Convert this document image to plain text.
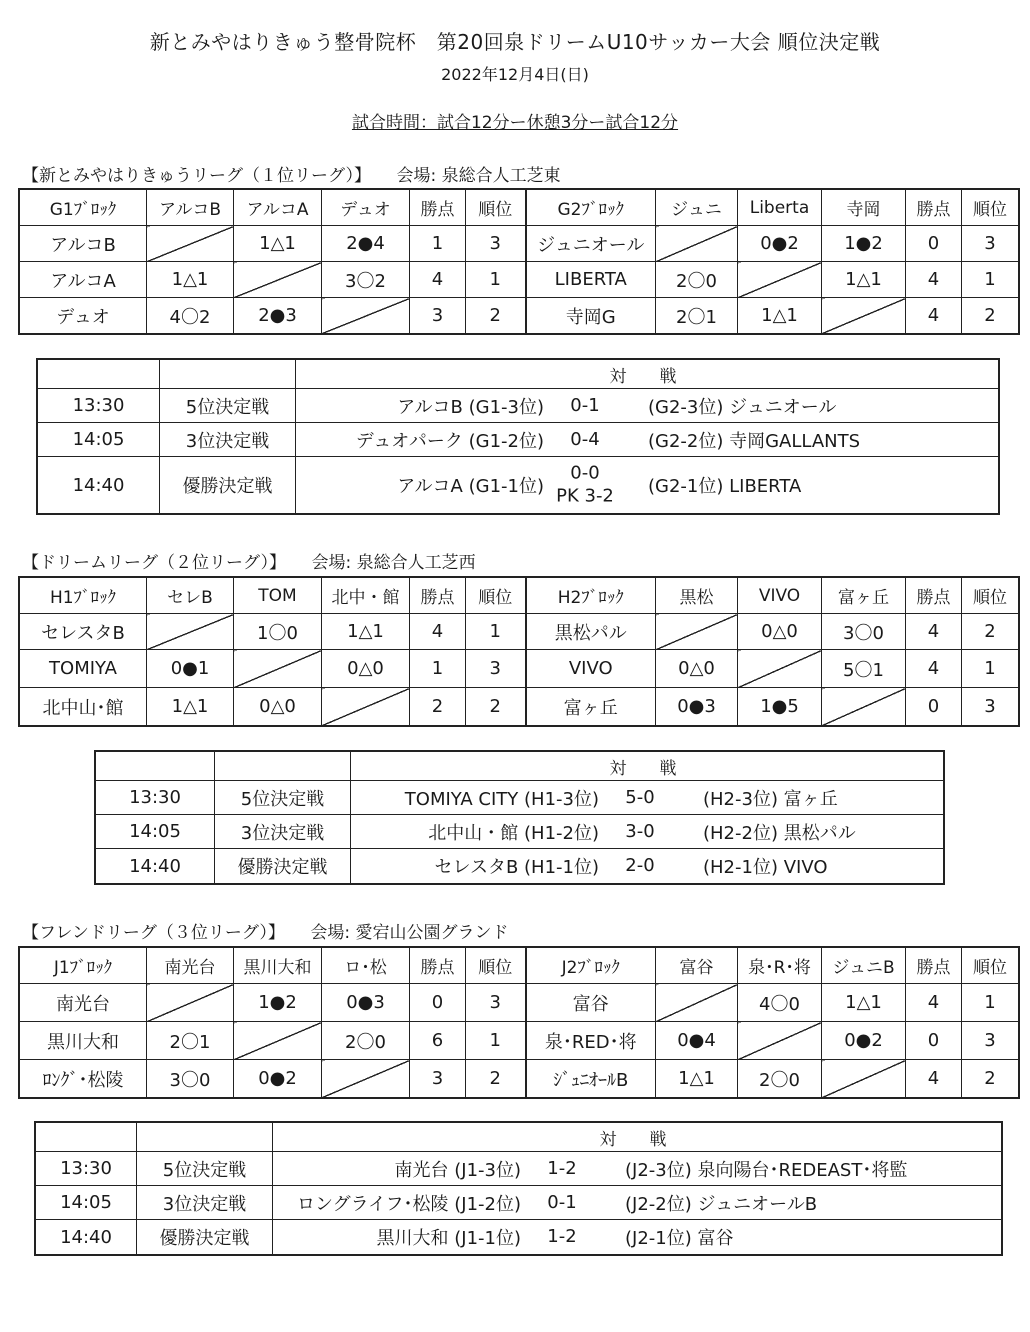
新とみやはりきゅう整骨院杯　第20回泉ドリームU10サッカー大会 順位決定戦
2022年12月4日(日)
試合時間：試合12分ー休憩3分ー試合12分
【新とみやはりきゅうリーグ（１位リーグ）】　　会場: 泉総合人工芝東
G1ﾌﾞﾛｯｸ	アルコB	アルコA	デュオ	勝点	順位	G2ﾌﾞﾛｯｸ	ジュニ	Liberta	寺岡	勝点	順位
アルコB		1△1	2●4	1	3	ジュニオール		0●2	1●2	0	3
アルコA	1△1		3〇2	4	1	LIBERTA	2〇0		1△1	4	1
デュオ	4〇2	2●3		3	2	寺岡G	2〇1	1△1		4	2
		対　戦
13:30	5位決定戦	アルコB (G1-3位) 0-1 (G2-3位) ジュニオール

14:05	3位決定戦	デュオパーク (G1-2位) 0-4 (G2-2位) 寺岡GALLANTS

14:40	優勝決定戦	アルコA (G1-1位)
0-0
PK 3-2 (G2-1位) LIBERTA
【ドリームリーグ（２位リーグ）】　　会場: 泉総合人工芝西
H1ﾌﾞﾛｯｸ	セレB	TOM	北中・館	勝点	順位	H2ﾌﾞﾛｯｸ	黒松	VIVO	富ヶ丘	勝点	順位
セレスタB		1〇0	1△1	4	1	黒松パル		0△0	3〇0	4	2
TOMIYA	0●1		0△0	1	3	VIVO	0△0		5〇1	4	1
北中山･館	1△1	0△0		2	2	富ヶ丘	0●3	1●5		0	3
		対　戦
13:30	5位決定戦	TOMIYA CITY (H1-3位) 5-0 (H2-3位) 富ヶ丘

14:05	3位決定戦	北中山・館 (H1-2位) 3-0 (H2-2位) 黒松パル

14:40	優勝決定戦	セレスタB (H1-1位) 2-0 (H2-1位) VIVO
【フレンドリーグ（３位リーグ）】　　会場: 愛宕山公園グランド
J1ﾌﾞﾛｯｸ	南光台	黒川大和	ロ･松	勝点	順位	J2ﾌﾞﾛｯｸ	富谷	泉･R･将	ジュニB	勝点	順位
南光台		1●2	0●3	0	3	富谷		4〇0	1△1	4	1
黒川大和	2〇1		2〇0	6	1	泉･RED･将	0●4		0●2	0	3
ﾛﾝｸﾞ･松陵	3〇0	0●2		3	2	ｼﾞｭﾆｵｰﾙB	1△1	2〇0		4	2
		対　戦
13:30	5位決定戦	南光台 (J1-3位) 1-2 (J2-3位) 泉向陽台･REDEAST･将監

14:05	3位決定戦	ロングライフ･松陵 (J1-2位) 0-1 (J2-2位) ジュニオールB

14:40	優勝決定戦	黒川大和 (J1-1位) 1-2 (J2-1位) 富谷
